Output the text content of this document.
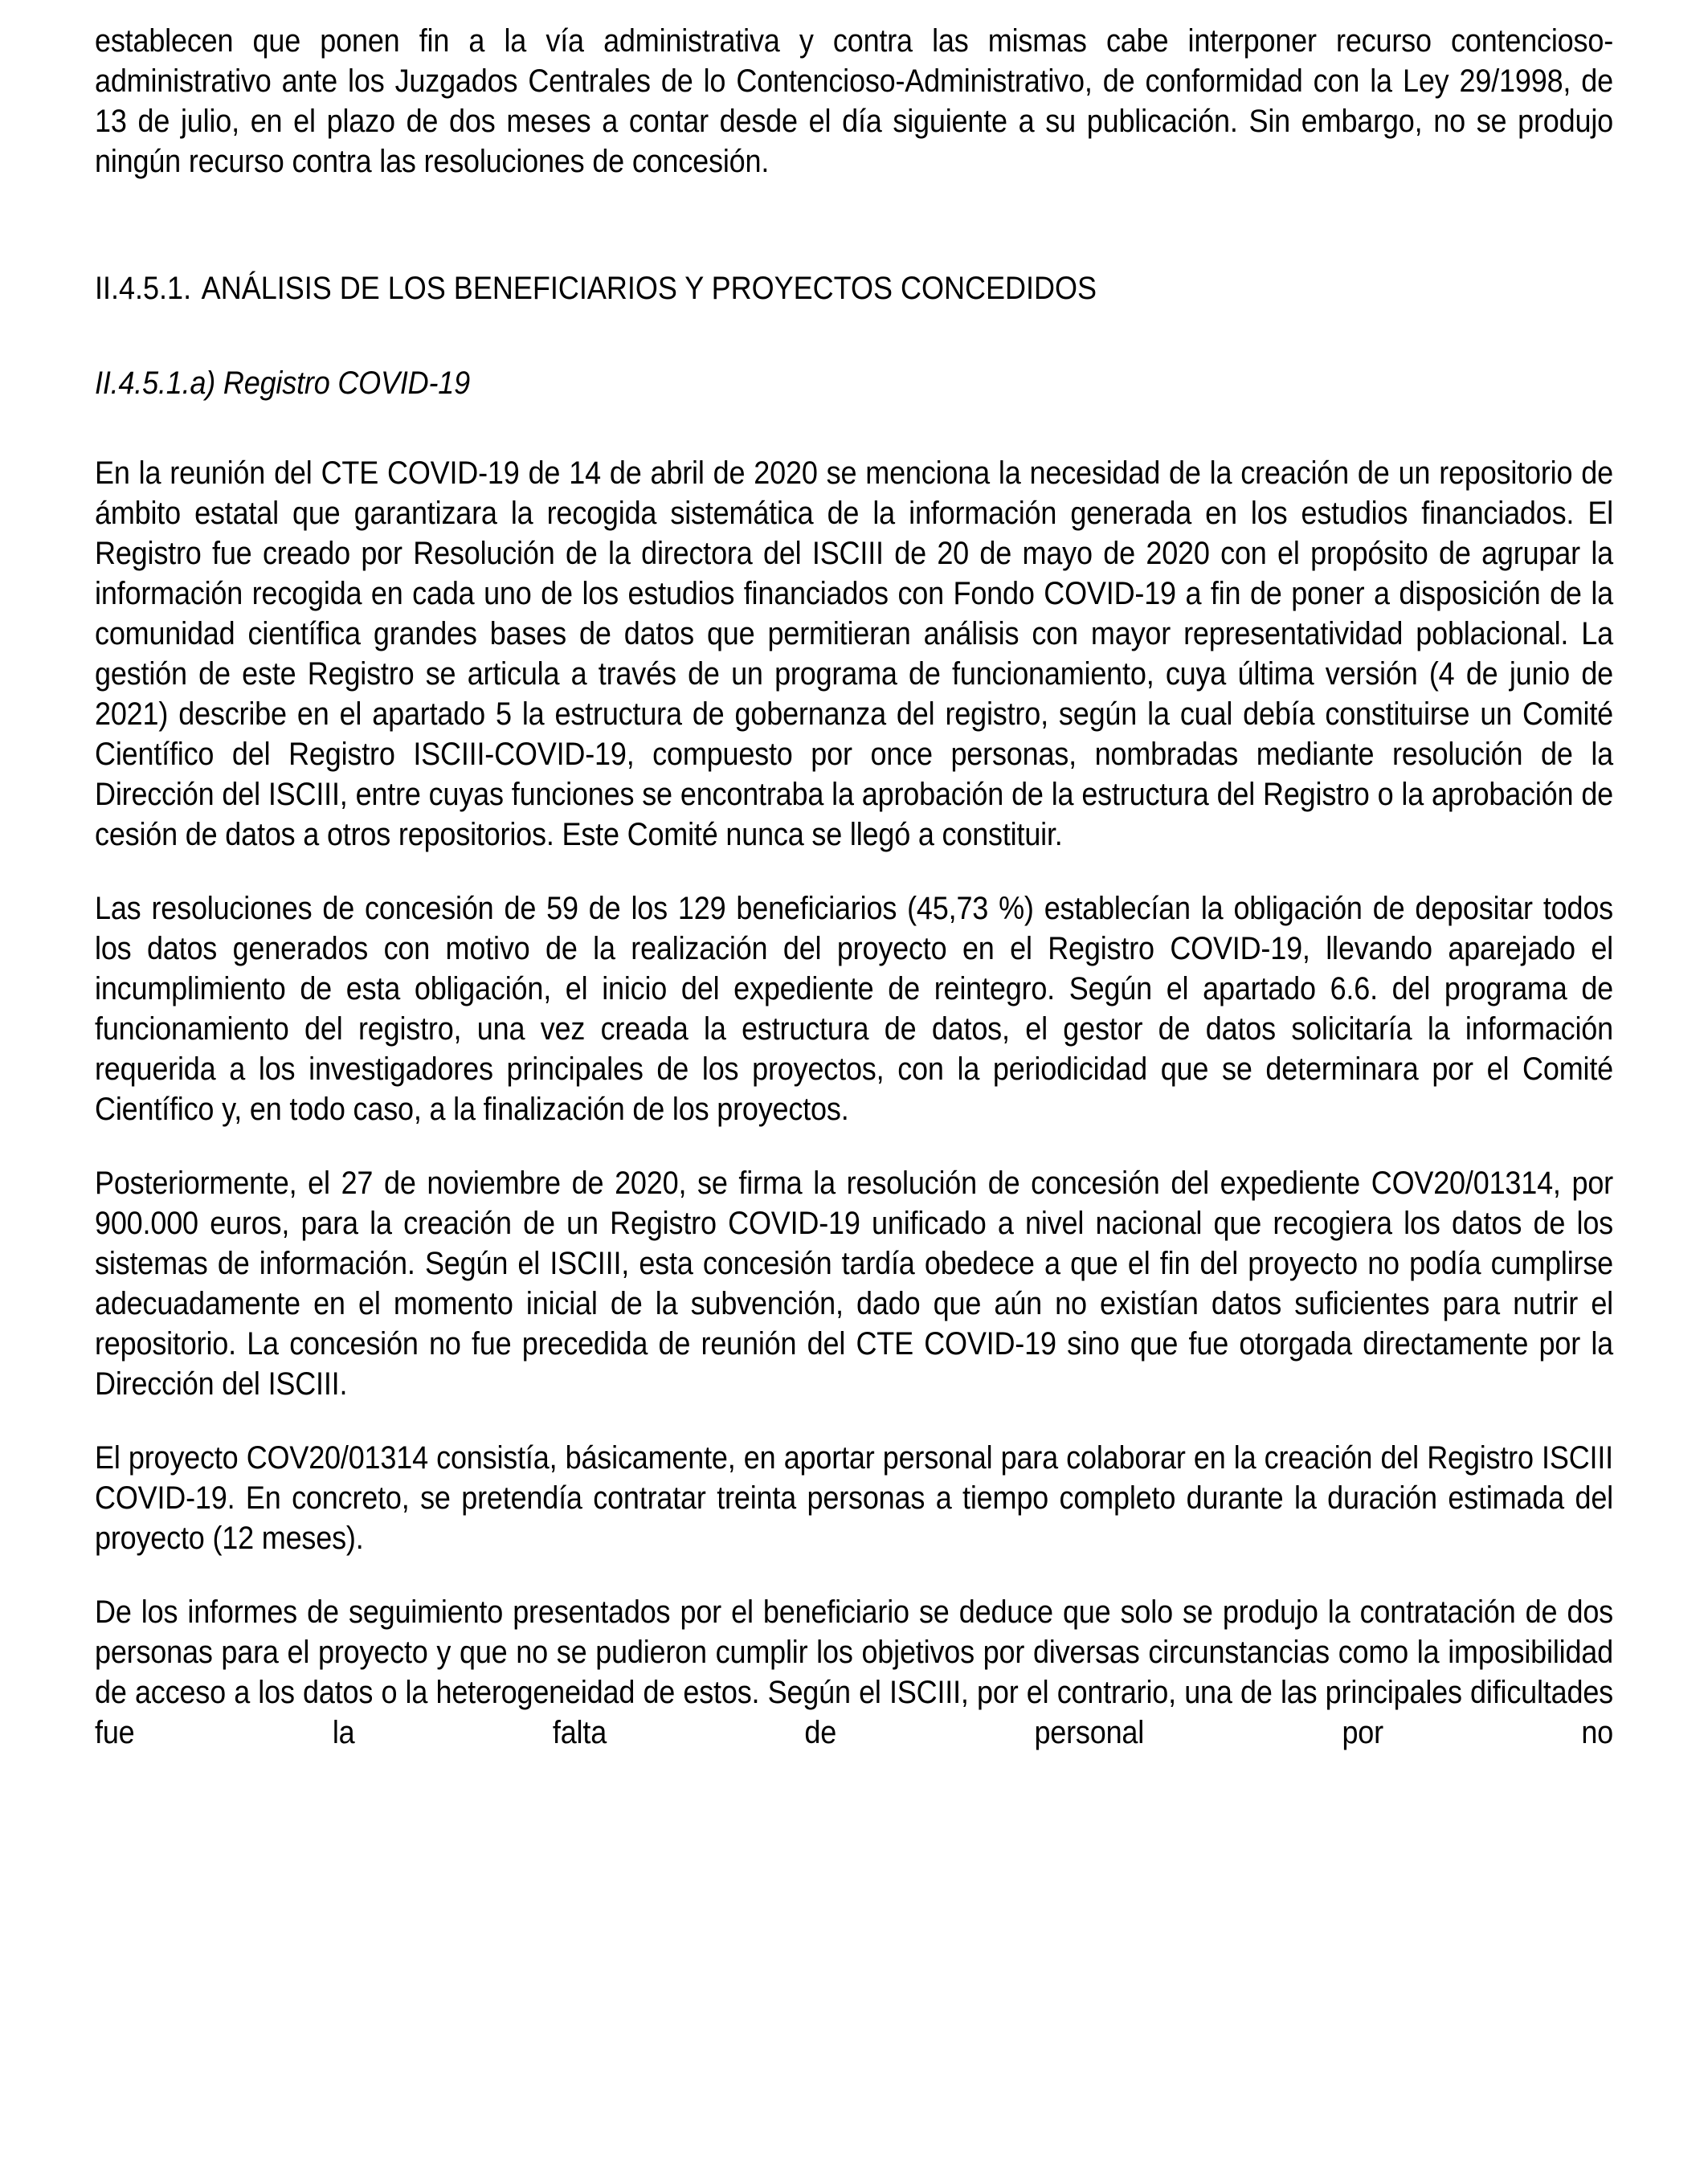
establecen que ponen fin a la vía administrativa y contra las mismas cabe interponer recurso contencioso-administrativo ante los Juzgados Centrales de lo Contencioso-Administrativo, de conformidad con la Ley 29/1998, de 13 de julio, en el plazo de dos meses a contar desde el día siguiente a su publicación. Sin embargo, no se produjo ningún recurso contra las resoluciones de concesión.

II.4.5.1. ANÁLISIS DE LOS BENEFICIARIOS Y PROYECTOS CONCEDIDOS
II.4.5.1.a) Registro COVID-19

En la reunión del CTE COVID-19 de 14 de abril de 2020 se menciona la necesidad de la creación de un repositorio de ámbito estatal que garantizara la recogida sistemática de la información generada en los estudios financiados. El Registro fue creado por Resolución de la directora del ISCIII de 20 de mayo de 2020 con el propósito de agrupar la información recogida en cada uno de los estudios financiados con Fondo COVID-19 a fin de poner a disposición de la comunidad científica grandes bases de datos que permitieran análisis con mayor representatividad poblacional. La gestión de este Registro se articula a través de un programa de funcionamiento, cuya última versión (4 de junio de 2021) describe en el apartado 5 la estructura de gobernanza del registro, según la cual debía constituirse un Comité Científico del Registro ISCIII-COVID-19, compuesto por once personas, nombradas mediante resolución de la Dirección del ISCIII, entre cuyas funciones se encontraba la aprobación de la estructura del Registro o la aprobación de cesión de datos a otros repositorios. Este Comité nunca se llegó a constituir.

Las resoluciones de concesión de 59 de los 129 beneficiarios (45,73 %) establecían la obligación de depositar todos los datos generados con motivo de la realización del proyecto en el Registro COVID-19, llevando aparejado el incumplimiento de esta obligación, el inicio del expediente de reintegro. Según el apartado 6.6. del programa de funcionamiento del registro, una vez creada la estructura de datos, el gestor de datos solicitaría la información requerida a los investigadores principales de los proyectos, con la periodicidad que se determinara por el Comité Científico y, en todo caso, a la finalización de los proyectos.

Posteriormente, el 27 de noviembre de 2020, se firma la resolución de concesión del expediente COV20/01314, por 900.000 euros, para la creación de un Registro COVID-19 unificado a nivel nacional que recogiera los datos de los sistemas de información. Según el ISCIII, esta concesión tardía obedece a que el fin del proyecto no podía cumplirse adecuadamente en el momento inicial de la subvención, dado que aún no existían datos suficientes para nutrir el repositorio. La concesión no fue precedida de reunión del CTE COVID-19 sino que fue otorgada directamente por la Dirección del ISCIII.

El proyecto COV20/01314 consistía, básicamente, en aportar personal para colaborar en la creación del Registro ISCIII COVID-19. En concreto, se pretendía contratar treinta personas a tiempo completo durante la duración estimada del proyecto (12 meses).

De los informes de seguimiento presentados por el beneficiario se deduce que solo se produjo la contratación de dos personas para el proyecto y que no se pudieron cumplir los objetivos por diversas circunstancias como la imposibilidad de acceso a los datos o la heterogeneidad de estos. Según el ISCIII, por el contrario, una de las principales dificultades fue la falta de personal por no
